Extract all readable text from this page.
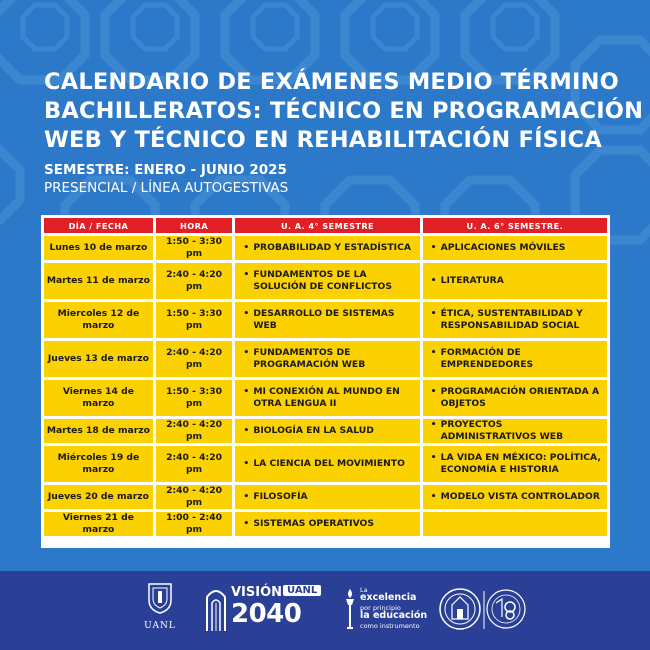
CALENDARIO DE EXÁMENES MEDIO TÉRMINO
BACHILLERATOS: TÉCNICO EN PROGRAMACIÓN
WEB Y TÉCNICO EN REHABILITACIÓN FÍSICA
SEMESTRE: ENERO - JUNIO 2025
PRESENCIAL / LÍNEA AUTOGESTIVAS
DÍA / FECHA	HORA	U. A. 4° SEMESTRE	U. A. 6° SEMESTRE.
Lunes 10 de marzo	1:50 - 3:30 pm	• PROBABILIDAD Y ESTADÍSTICA	• APLICACIONES MÓVILES
Martes 11 de marzo	2:40 - 4:20 pm	• FUNDAMENTOS DE LA SOLUCIÓN DE CONFLICTOS	• LITERATURA
Miercoles 12 de marzo	1:50 - 3:30 pm	• DESARROLLO DE SISTEMAS WEB	• ÉTICA, SUSTENTABILIDAD Y RESPONSABILIDAD SOCIAL
Jueves 13 de marzo	2:40 - 4:20 pm	• FUNDAMENTOS DE PROGRAMACIÓN WEB	• FORMACIÓN DE EMPRENDEDORES
Viernes 14 de marzo	1:50 - 3:30 pm	• MI CONEXIÓN AL MUNDO EN OTRA LENGUA II	• PROGRAMACIÓN ORIENTADA A OBJETOS
Martes 18 de marzo	2:40 - 4:20 pm	• BIOLOGÍA EN LA SALUD	• PROYECTOS ADMINISTRATIVOS WEB
Miércoles 19 de marzo	2:40 - 4:20 pm	• LA CIENCIA DEL MOVIMIENTO	• LA VIDA EN MÉXICO: POLÍTICA, ECONOMÍA E HISTORIA
Jueves 20 de marzo	2:40 - 4:20 pm	• FILOSOFÍA	• MODELO VISTA CONTROLADOR
Viernes 21 de marzo	1:00 - 2:40 pm	• SISTEMAS OPERATIVOS	
UANL
VISIÓN UANL
2040
La
excelencia
por principio
la educación
como instrumento
